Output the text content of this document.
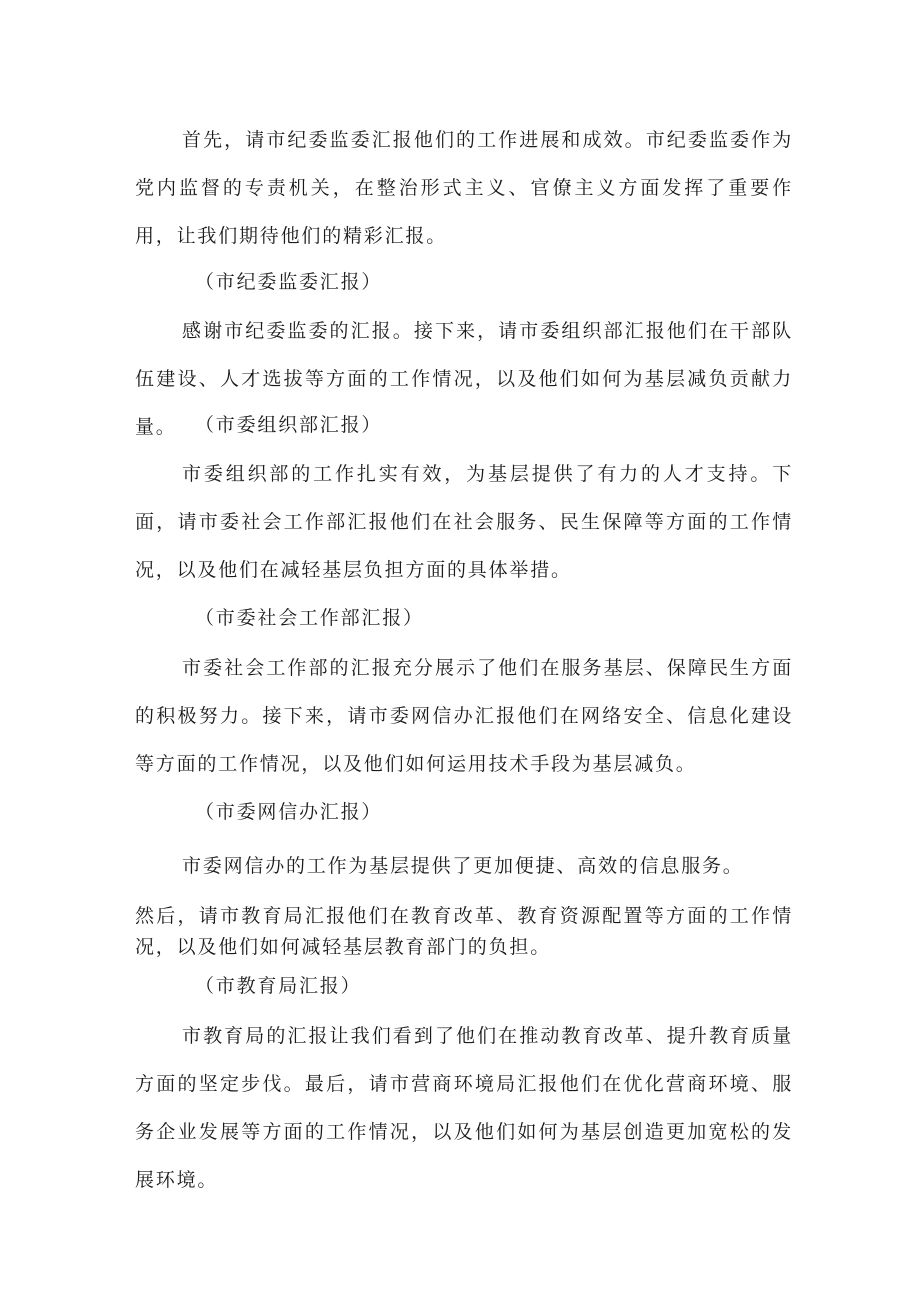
首先，请市纪委监委汇报他们的工作进展和成效。市纪委监委作为党内监督的专责机关，在整治形式主义、官僚主义方面发挥了重要作用，让我们期待他们的精彩汇报。

（市纪委监委汇报）

感谢市纪委监委的汇报。接下来，请市委组织部汇报他们在干部队伍建设、人才选拔等方面的工作情况，以及他们如何为基层减负贡献力量。 （市委组织部汇报）

市委组织部的工作扎实有效，为基层提供了有力的人才支持。下面，请市委社会工作部汇报他们在社会服务、民生保障等方面的工作情况，以及他们在减轻基层负担方面的具体举措。

（市委社会工作部汇报）

市委社会工作部的汇报充分展示了他们在服务基层、保障民生方面的积极努力。接下来，请市委网信办汇报他们在网络安全、信息化建设等方面的工作情况，以及他们如何运用技术手段为基层减负。

（市委网信办汇报）

市委网信办的工作为基层提供了更加便捷、高效的信息服务。

然后，请市教育局汇报他们在教育改革、教育资源配置等方面的工作情况，以及他们如何减轻基层教育部门的负担。

（市教育局汇报）

市教育局的汇报让我们看到了他们在推动教育改革、提升教育质量方面的坚定步伐。最后，请市营商环境局汇报他们在优化营商环境、服务企业发展等方面的工作情况，以及他们如何为基层创造更加宽松的发展环境。
